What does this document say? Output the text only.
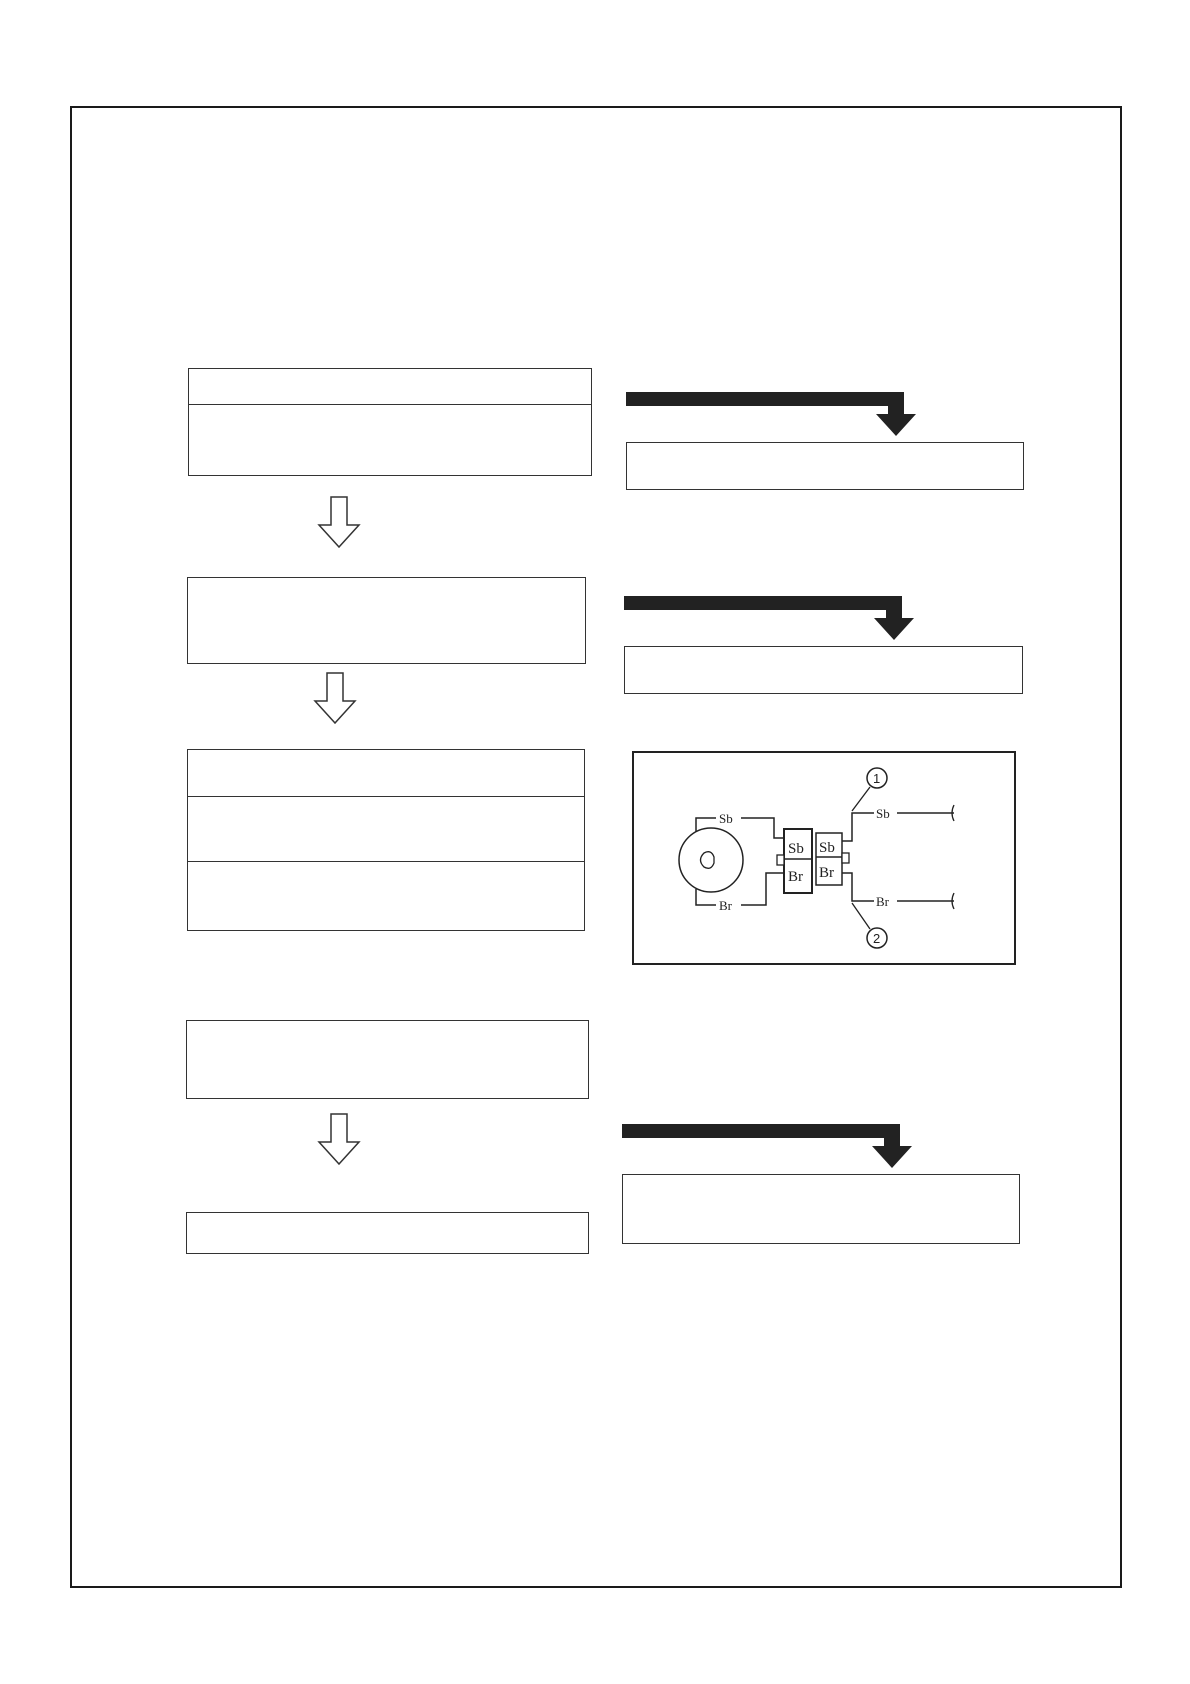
Sb
Br
Sb
Br
Sb
Br
Sb
Br
1
2
